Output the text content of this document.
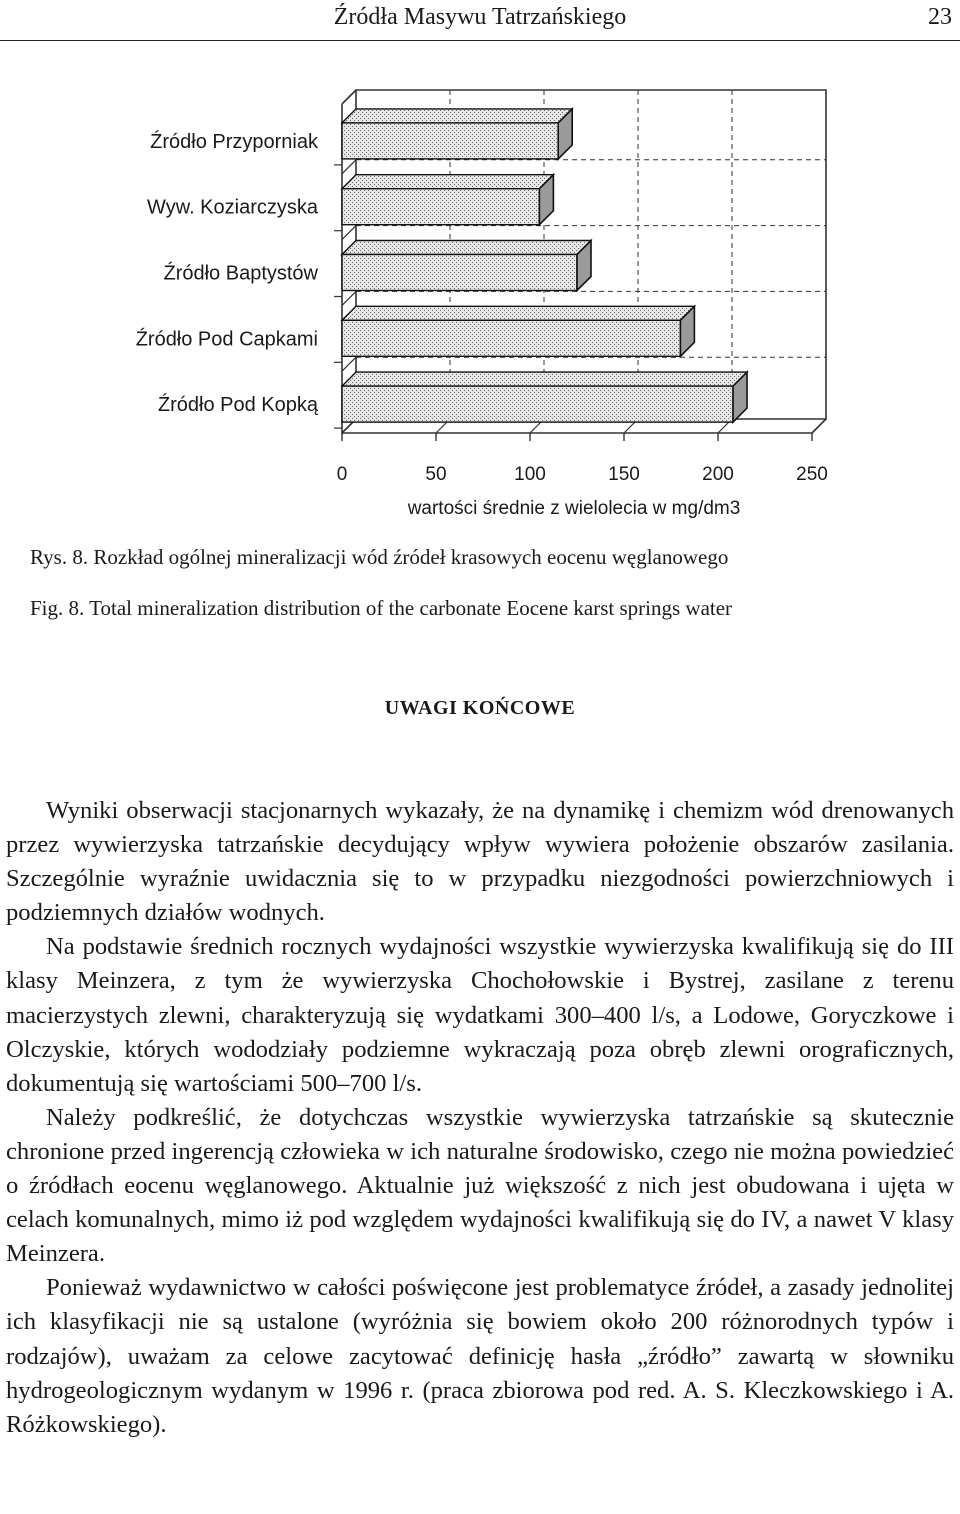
Źródła Masywu Tatrzańskiego	23
Źródło Przyporniak
Wyw. Koziarczyska
Źródło Baptystów
Źródło Pod Capkami
Źródło Pod Kopką
0	50	100	150	200	250
wartości średnie z wielolecia w mg/dm3
Rys. 8. Rozkład ogólnej mineralizacji wód źródeł krasowych eocenu węglanowego
Fig. 8. Total mineralization distribution of the carbonate Eocene karst springs water
UWAGI KOŃCOWE

Wyniki obserwacji stacjonarnych wykazały, że na dynamikę i chemizm wód drenowanych przez wywierzyska tatrzańskie decydujący wpływ wywiera położenie obszarów zasilania. Szczególnie wyraźnie uwidacznia się to w przypadku niezgodności powierzchniowych i podziemnych działów wodnych.

Na podstawie średnich rocznych wydajności wszystkie wywierzyska kwalifikują się do III klasy Meinzera, z tym że wywierzyska Chochołowskie i Bystrej, zasilane z terenu macierzystych zlewni, charakteryzują się wydatkami 300–400 l/s, a Lodowe, Goryczkowe i Olczyskie, których wododziały podziemne wykraczają poza obręb zlewni orograficznych, dokumentują się wartościami 500–700 l/s.

Należy podkreślić, że dotychczas wszystkie wywierzyska tatrzańskie są skutecznie chronione przed ingerencją człowieka w ich naturalne środowisko, czego nie można powiedzieć o źródłach eocenu węglanowego. Aktualnie już większość z nich jest obudowana i ujęta w celach komunalnych, mimo iż pod względem wydajności kwalifikują się do IV, a nawet V klasy Meinzera.

Ponieważ wydawnictwo w całości poświęcone jest problematyce źródeł, a zasady jednolitej ich klasyfikacji nie są ustalone (wyróżnia się bowiem około 200 różnorodnych typów i rodzajów), uważam za celowe zacytować definicję hasła „źródło” zawartą w słowniku hydrogeologicznym wydanym w 1996 r. (praca zbiorowa pod red. A. S. Kleczkowskiego i A. Różkowskiego).
